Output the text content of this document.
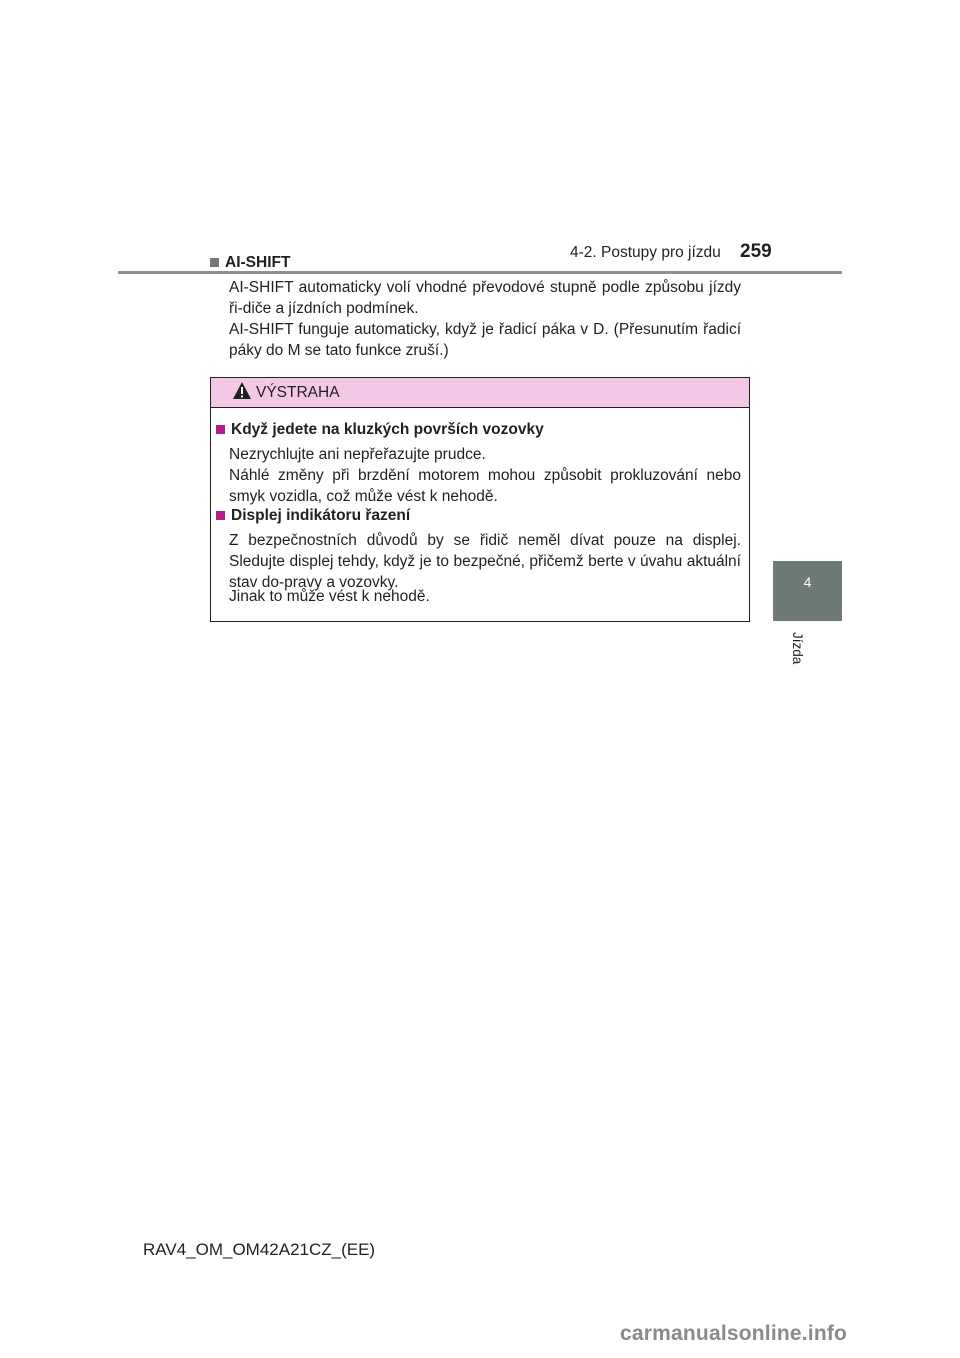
4-2. Postupy pro jízdu 259
4
Jízda
AI-SHIFT
AI-SHIFT automaticky volí vhodné převodové stupně podle způsobu jízdy ři-diče a jízdních podmínek.
AI-SHIFT funguje automaticky, když je řadicí páka v D. (Přesunutím řadicí páky do M se tato funkce zruší.)
VÝSTRAHA
Když jedete na kluzkých površích vozovky
Nezrychlujte ani nepřeřazujte prudce.
Náhlé změny při brzdění motorem mohou způsobit prokluzování nebo smyk vozidla, což může vést k nehodě.
Displej indikátoru řazení
Z bezpečnostních důvodů by se řidič neměl dívat pouze na displej. Sledujte displej tehdy, když je to bezpečné, přičemž berte v úvahu aktuální stav do-pravy a vozovky.
Jinak to může vést k nehodě.
RAV4_OM_OM42A21CZ_(EE)
carmanualsonline.info
